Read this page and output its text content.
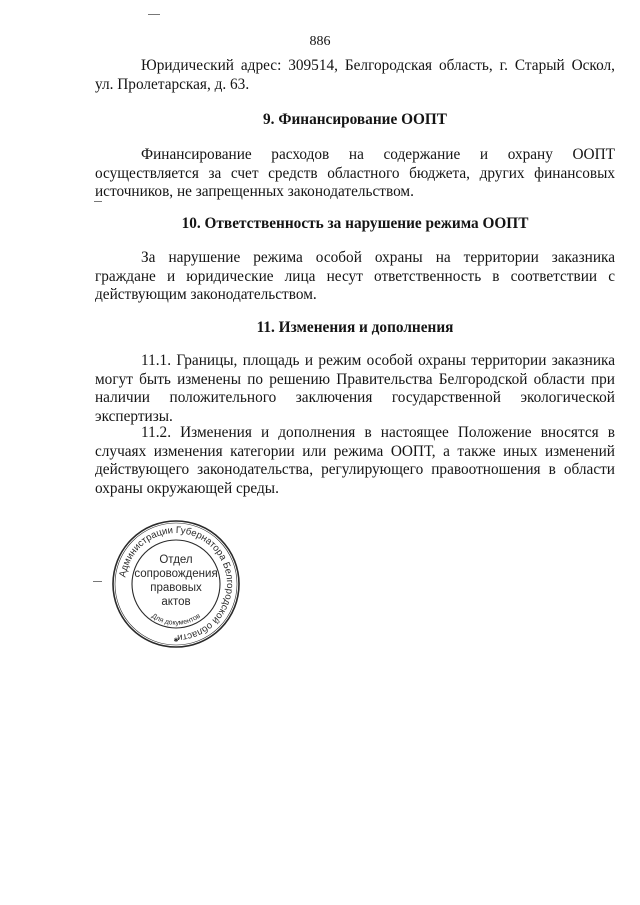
886

Юридический адрес: 309514, Белгородская область, г. Старый Оскол, ул. Пролетарская, д. 63.

9. Финансирование ООПТ

Финансирование расходов на содержание и охрану ООПТ осуществляется за счет средств областного бюджета, других финансовых источников, не запрещенных законодательством.

10. Ответственность за нарушение режима ООПТ

За нарушение режима особой охраны на территории заказника граждане и юридические лица несут ответственность в соответствии с действующим законодательством.

11. Изменения и дополнения

11.1. Границы, площадь и режим особой охраны территории заказника могут быть изменены по решению Правительства Белгородской области при наличии положительного заключения государственной экологической экспертизы.

11.2. Изменения и дополнения в настоящее Положение вносятся в случаях изменения категории или режима ООПТ, а также иных изменений действующего законодательства, регулирующего правоотношения в области охраны окружающей среды.

Администрации Губернатора Белгородской области
Отдел
сопровождения
правовых
актов
Для документов
✱
